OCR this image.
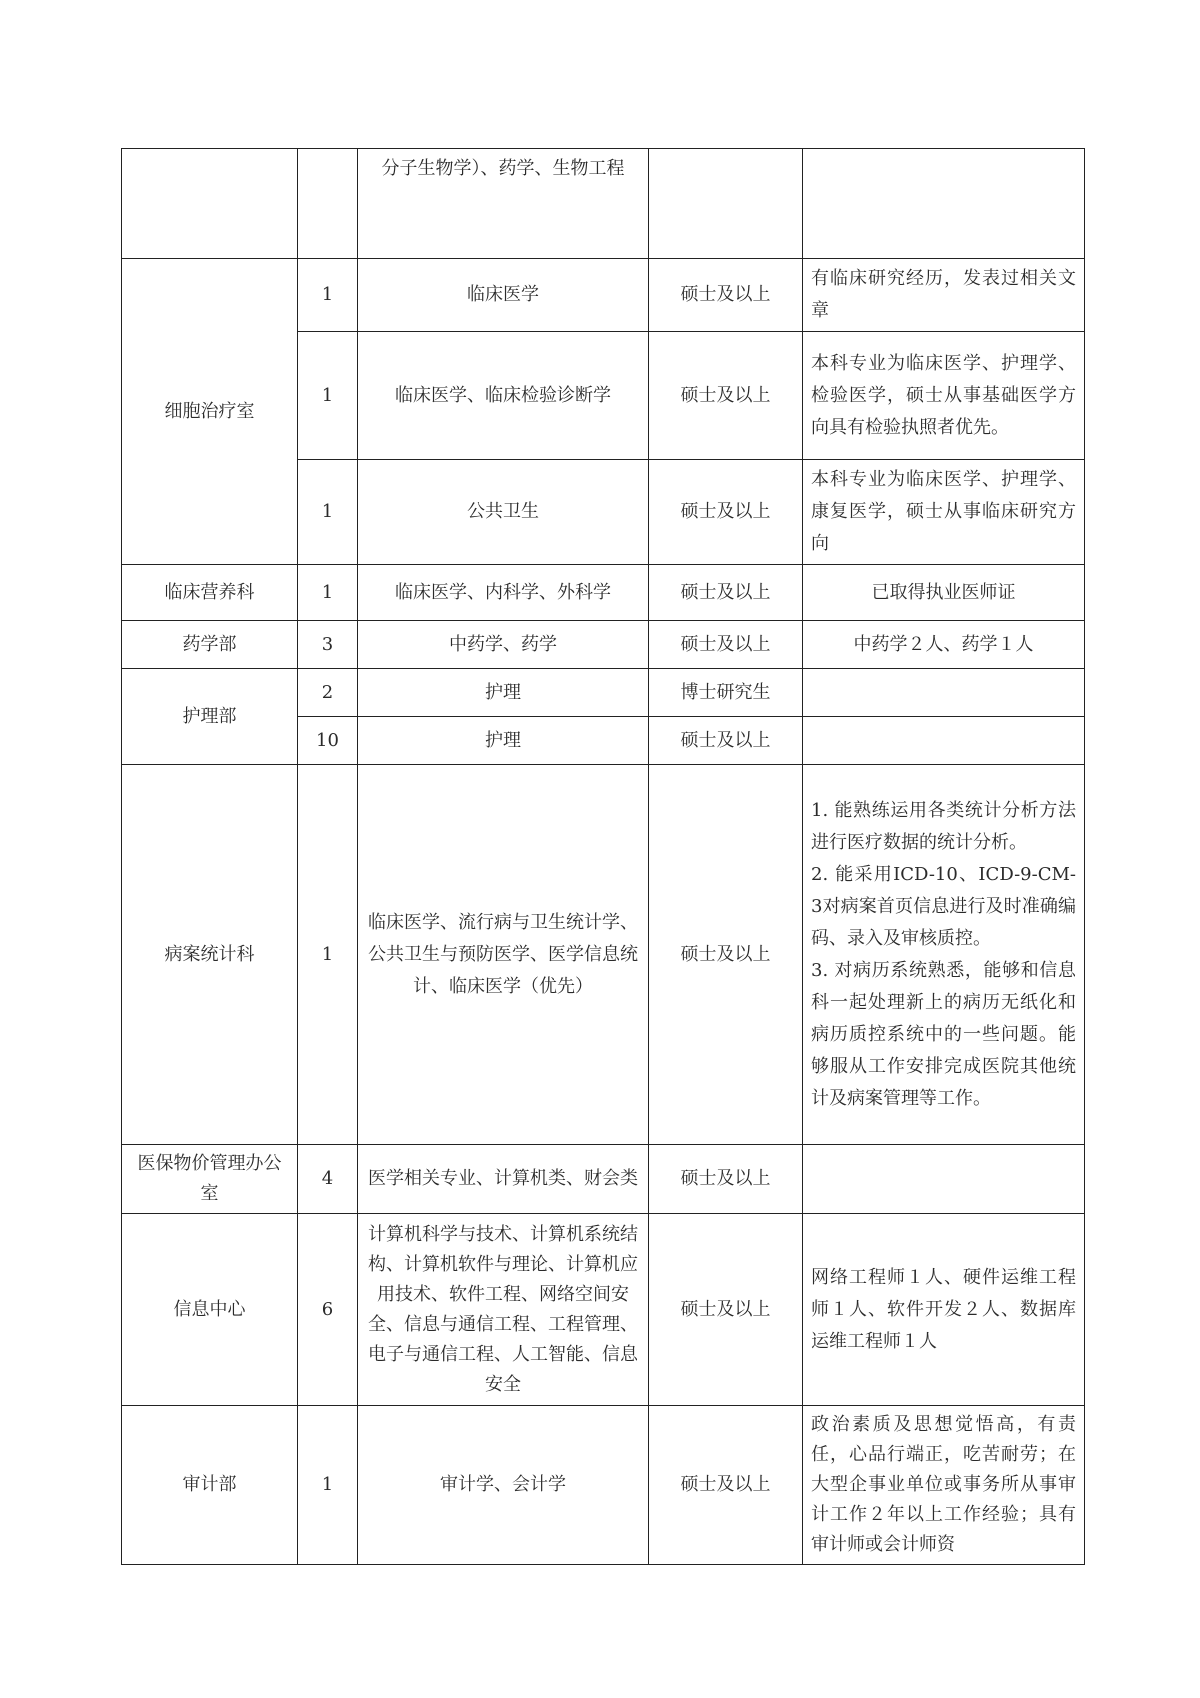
		分子生物学）、药学、生物工程		
细胞治疗室	1	临床医学	硕士及以上	有临床研究经历，发表过相关文章
	1	临床医学、临床检验诊断学	硕士及以上	本科专业为临床医学、护理学、检验医学，硕士从事基础医学方向具有检验执照者优先。
	1	公共卫生	硕士及以上	本科专业为临床医学、护理学、康复医学，硕士从事临床研究方向
临床营养科	1	临床医学、内科学、外科学	硕士及以上	已取得执业医师证
药学部	3	中药学、药学	硕士及以上	中药学２人、药学１人
护理部	2	护理	博士研究生	
	10	护理	硕士及以上	
病案统计科	1	临床医学、流行病与卫生统计学、公共卫生与预防医学、医学信息统计、临床医学（优先）	硕士及以上	1. 能熟练运用各类统计分析方法进行医疗数据的统计分析。
2. 能采用ICD-10、ICD-9-CM-3对病案首页信息进行及时准确编码、录入及审核质控。
3. 对病历系统熟悉，能够和信息科一起处理新上的病历无纸化和病历质控系统中的一些问题。能够服从工作安排完成医院其他统计及病案管理等工作。

医保物价管理办公室	4	医学相关专业、计算机类、财会类	硕士及以上	
信息中心	6	计算机科学与技术、计算机系统结构、计算机软件与理论、计算机应用技术、软件工程、网络空间安全、信息与通信工程、工程管理、电子与通信工程、人工智能、信息安全	硕士及以上	网络工程师１人、硬件运维工程师１人、软件开发２人、数据库运维工程师１人
审计部	1	审计学、会计学	硕士及以上	政治素质及思想觉悟高，有责任，心品行端正，吃苦耐劳；在大型企事业单位或事务所从事审计工作２年以上工作经验；具有审计师或会计师资
